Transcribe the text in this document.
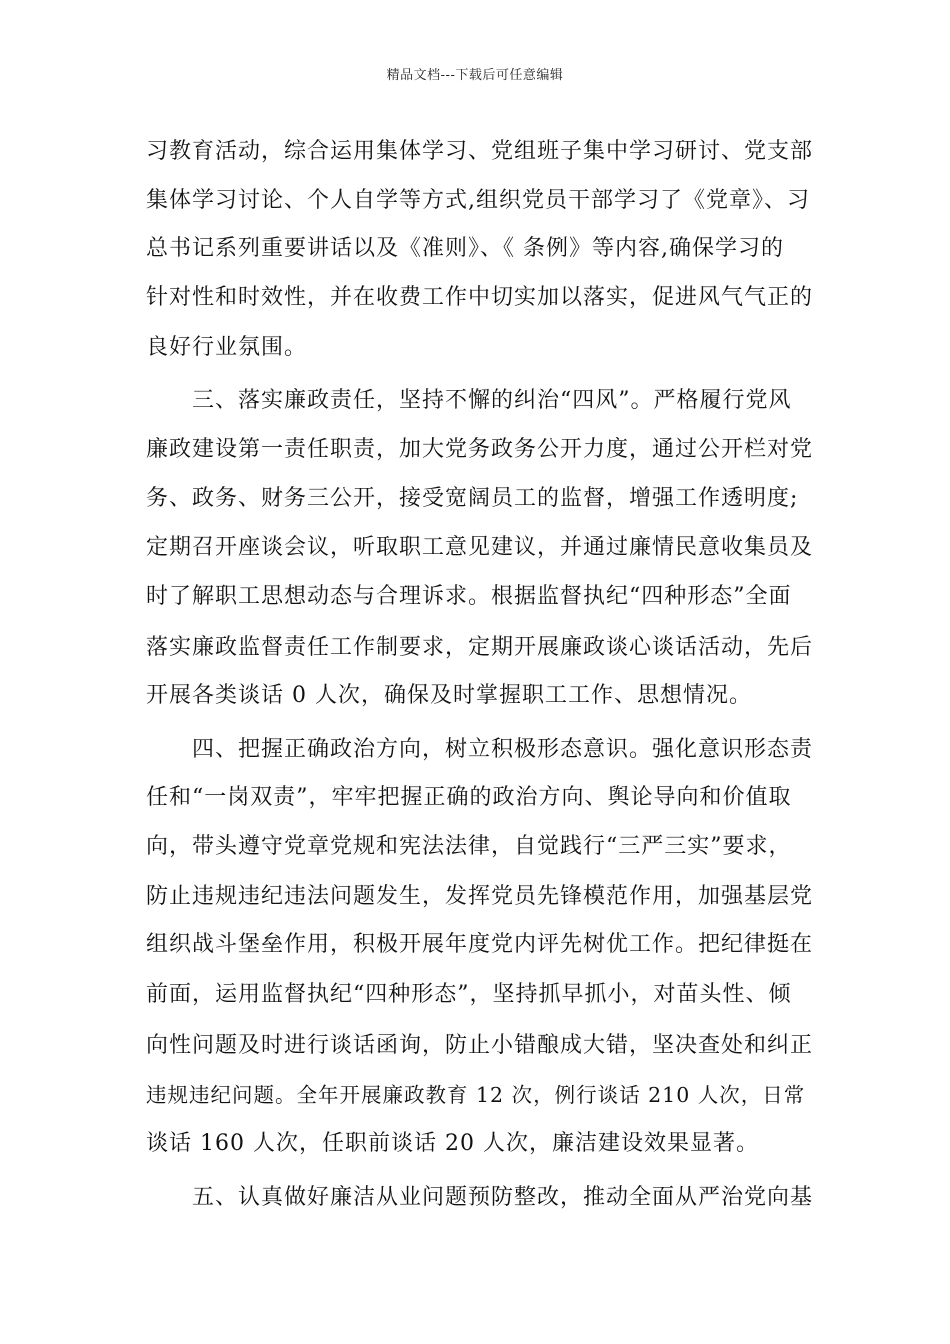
精品文档---下载后可任意编辑
习教育活动，综合运用集体学习、党组班子集中学习研讨、党支部
集体学习讨论、个人自学等方式,组织党员干部学习了《党章》、习
总书记系列重要讲话以及《准则》、《 条例》等内容,确保学习的
针对性和时效性，并在收费工作中切实加以落实，促进风气气正的
良好行业氛围。
　　三、落实廉政责任，坚持不懈的纠治“四风”。严格履行党风
廉政建设第一责任职责，加大党务政务公开力度，通过公开栏对党
务、政务、财务三公开，接受宽阔员工的监督，增强工作透明度;
定期召开座谈会议，听取职工意见建议，并通过廉情民意收集员及
时了解职工思想动态与合理诉求。根据监督执纪“四种形态”全面
落实廉政监督责任工作制要求，定期开展廉政谈心谈话活动，先后
开展各类谈话 0 人次，确保及时掌握职工工作、思想情况。
　　四、把握正确政治方向，树立积极形态意识。强化意识形态责
任和“一岗双责”，牢牢把握正确的政治方向、舆论导向和价值取
向，带头遵守党章党规和宪法法律，自觉践行“三严三实”要求，
防止违规违纪违法问题发生，发挥党员先锋模范作用，加强基层党
组织战斗堡垒作用，积极开展年度党内评先树优工作。把纪律挺在
前面，运用监督执纪“四种形态”，坚持抓早抓小，对苗头性、倾
向性问题及时进行谈话函询，防止小错酿成大错，坚决查处和纠正
违规违纪问题。全年开展廉政教育 12 次，例行谈话 210 人次，日常
谈话 160 人次，任职前谈话 20 人次，廉洁建设效果显著。
　　五、认真做好廉洁从业问题预防整改，推动全面从严治党向基
